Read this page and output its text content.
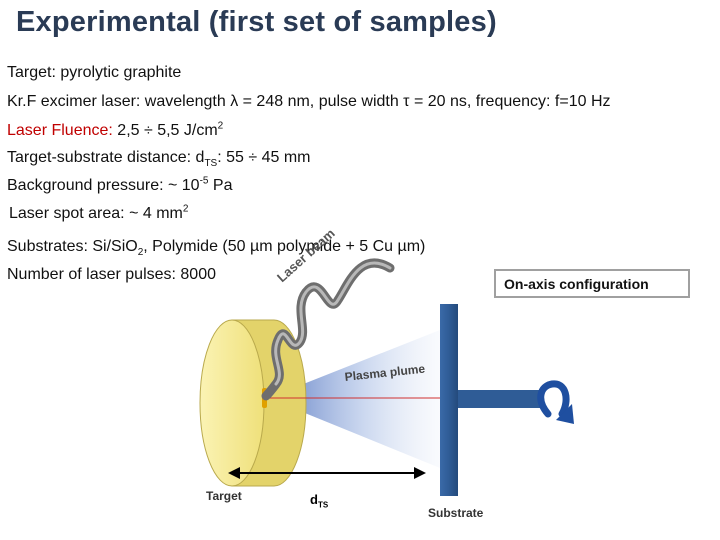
Experimental (first set of samples)
Target: pyrolytic graphite
Kr.F excimer laser: wavelength λ = 248 nm, pulse width τ = 20 ns, frequency: f=10 Hz
Laser Fluence: 2,5 ÷ 5,5 $J/cm^2$
Target-substrate distance: $d_{TS}$: 55 ÷ 45 mm
Background pressure: ~ $10^{-5}$ Pa
Laser spot area: ~ 4 $mm^2$
Substrates: Si/SiO$_2$, Polymide (50 µm polymide + 5 Cu µm)
Number of laser pulses: 8000
On-axis configuration
Laser beam
Plasma plume
Target
Substrate
$d_{TS}$
